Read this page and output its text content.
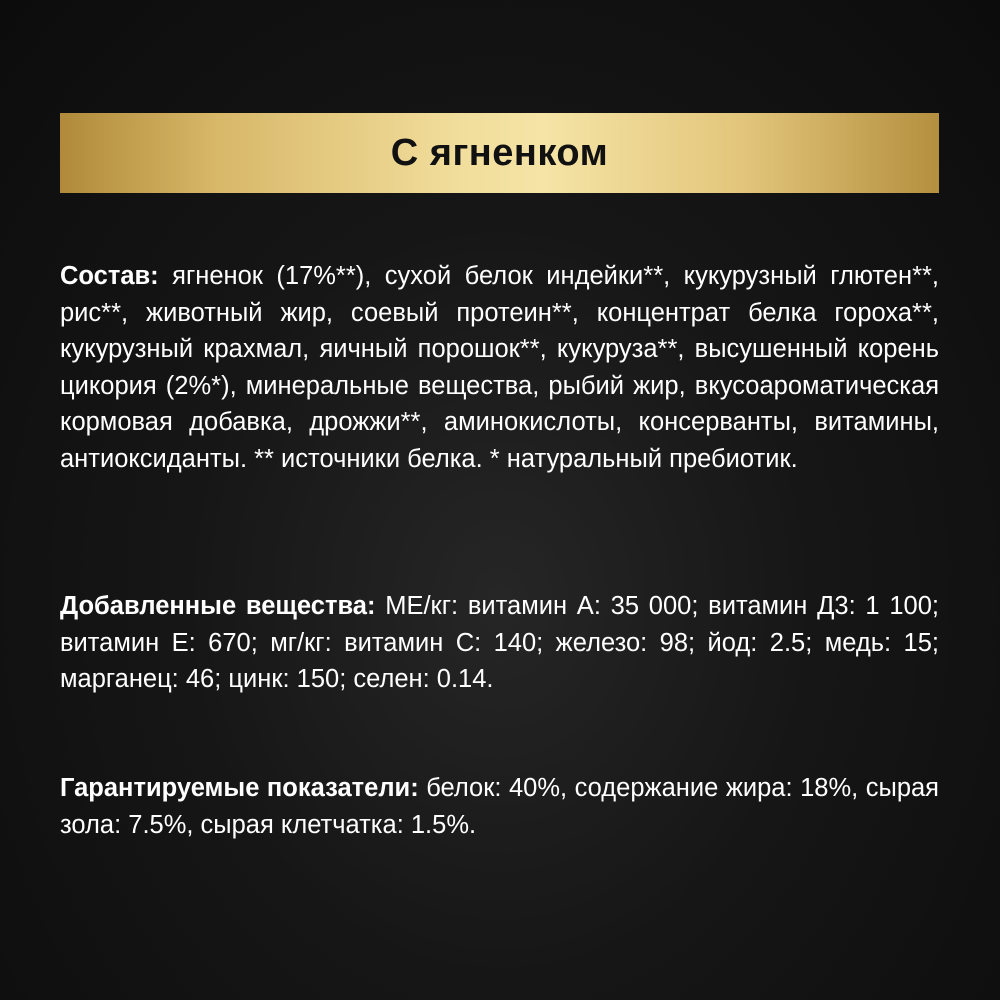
С ягненком
Состав: ягненок (17%**), сухой белок индейки**, кукурузный глютен**, рис**, животный жир, соевый протеин**, концентрат белка гороха**, кукурузный крахмал, яичный порошок**, кукуруза**, высушенный корень цикория (2%*), минеральные вещества, рыбий жир, вкусоароматическая кормовая добавка, дрожжи**, аминокислоты, консерванты, витамины, антиоксиданты. ** источники белка. * натуральный пребиотик.
Добавленные вещества: МЕ/кг: витамин А: 35 000; витамин Д3: 1 100; витамин Е: 670; мг/кг: витамин С: 140; железо: 98; йод: 2.5; медь: 15; марганец: 46; цинк: 150; селен: 0.14.
Гарантируемые показатели: белок: 40%, содержание жира: 18%, сырая зола: 7.5%, сырая клетчатка: 1.5%.
